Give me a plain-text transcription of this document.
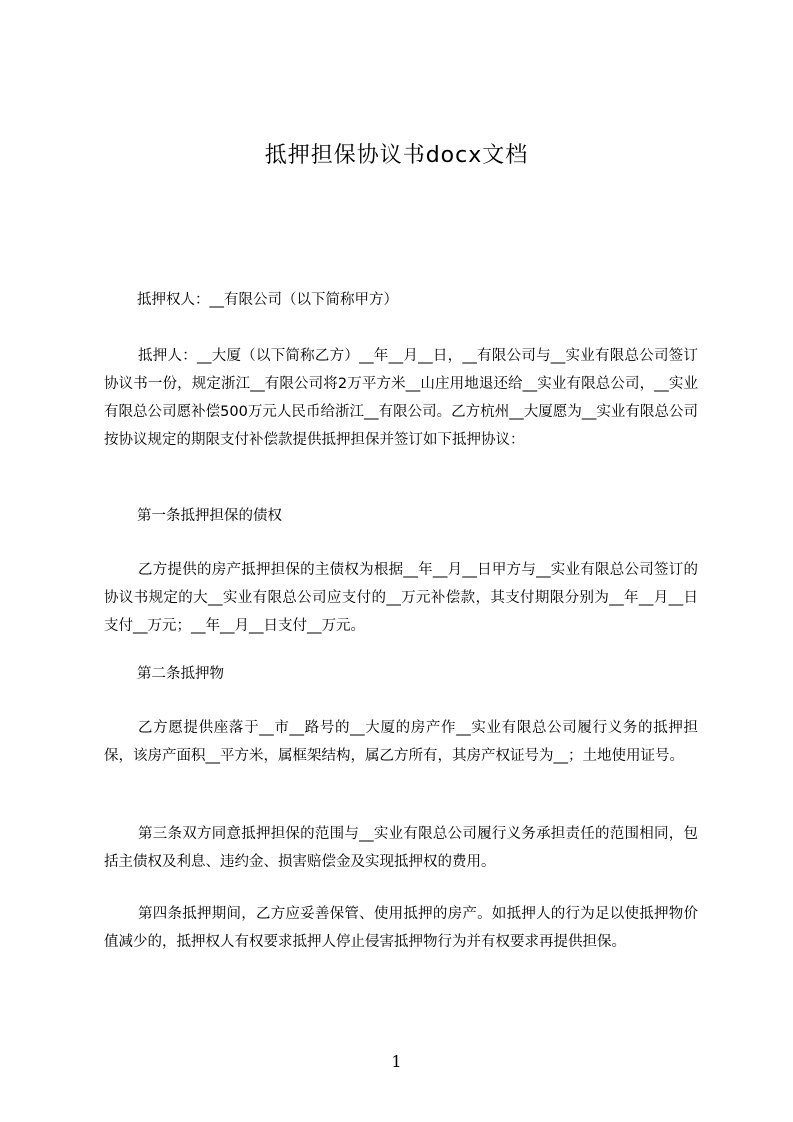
抵押担保协议书docx文档
抵押权人：__有限公司（以下简称甲方）
抵押人：__大厦（以下简称乙方）__年__月__日，__有限公司与__实业有限总公司签订协议书一份，规定浙江__有限公司将2万平方米__山庄用地退还给__实业有限总公司，__实业有限总公司愿补偿500万元人民币给浙江__有限公司。乙方杭州__大厦愿为__实业有限总公司按协议规定的期限支付补偿款提供抵押担保并签订如下抵押协议：
第一条抵押担保的债权
乙方提供的房产抵押担保的主债权为根据__年__月__日甲方与__实业有限总公司签订的协议书规定的大__实业有限总公司应支付的__万元补偿款，其支付期限分别为__年__月__日支付__万元；__年__月__日支付__万元。
第二条抵押物
乙方愿提供座落于__市__路号的__大厦的房产作__实业有限总公司履行义务的抵押担保，该房产面积__平方米，属框架结构，属乙方所有，其房产权证号为__；土地使用证号。
第三条双方同意抵押担保的范围与__实业有限总公司履行义务承担责任的范围相同，包括主债权及利息、违约金、损害赔偿金及实现抵押权的费用。
第四条抵押期间，乙方应妥善保管、使用抵押的房产。如抵押人的行为足以使抵押物价值减少的，抵押权人有权要求抵押人停止侵害抵押物行为并有权要求再提供担保。
1
